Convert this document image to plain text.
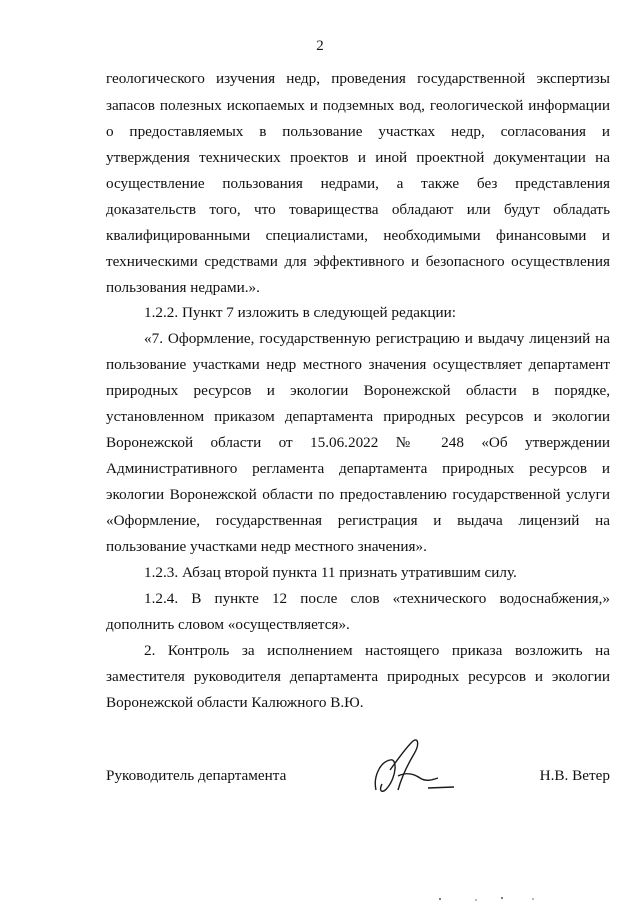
2
геологического изучения недр, проведения государственной экспертизы
запасов полезных ископаемых и подземных вод, геологической информации
о предоставляемых в пользование участках недр, согласования и
утверждения технических проектов и иной проектной документации на
осуществление пользования недрами, а также без представления
доказательств того, что товарищества обладают или будут обладать
квалифицированными специалистами, необходимыми финансовыми и
техническими средствами для эффективного и безопасного осуществления
пользования недрами.».
1.2.2. Пункт 7 изложить в следующей редакции:
«7. Оформление, государственную регистрацию и выдачу лицензий на
пользование участками недр местного значения осуществляет департамент
природных ресурсов и экологии Воронежской области в порядке,
установленном приказом департамента природных ресурсов и экологии
Воронежской области от 15.06.2022 № 248 «Об утверждении
Административного регламента департамента природных ресурсов и
экологии Воронежской области по предоставлению государственной услуги
«Оформление, государственная регистрация и выдача лицензий на
пользование участками недр местного значения».
1.2.3. Абзац второй пункта 11 признать утратившим силу.
1.2.4. В пункте 12 после слов «технического водоснабжения,»
дополнить словом «осуществляется».
2. Контроль за исполнением настоящего приказа возложить на
заместителя руководителя департамента природных ресурсов и экологии
Воронежской области Калюжного В.Ю.
Руководитель департамента	Н.В. Ветер
